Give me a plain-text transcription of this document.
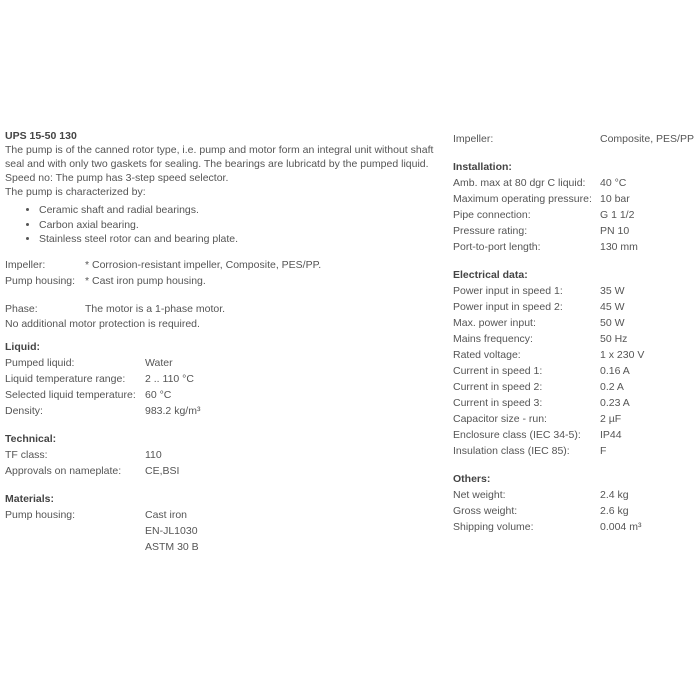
UPS 15-50 130

The pump is of the canned rotor type, i.e. pump and motor form an integral unit without shaft

seal and with only two gaskets for sealing. The bearings are lubricatd by the pumped liquid.

Speed no: The pump has 3-step speed selector.

The pump is characterized by:

• Ceramic shaft and radial bearings.
• Carbon axial bearing.
• Stainless steel rotor can and bearing plate.
Impeller:	* Corrosion-resistant impeller, Composite, PES/PP.
Pump housing: * Cast iron pump housing.
Phase:	The motor is a 1-phase motor.

No additional motor protection is required.

Liquid:
Pumped liquid:	Water
Liquid temperature range:	2 .. 110 °C
Selected liquid temperature: 60 °C
Density:	983.2 kg/m³
Technical:
TF class:	110
Approvals on nameplate:	CE,BSI
Materials:
Pump housing:	Cast iron
EN-JL1030
ASTM 30 B
Impeller:	Composite, PES/PP
Installation:
Amb. max at 80 dgr C liquid:	40 °C
Maximum operating pressure: 10 bar
Pipe connection:	G 1 1/2
Pressure rating:	PN 10
Port-to-port length:	130 mm
Electrical data:
Power input in speed 1:	35 W
Power input in speed 2:	45 W
Max. power input:	50 W
Mains frequency:	50 Hz
Rated voltage:	1 x 230 V
Current in speed 1:	0.16 A
Current in speed 2:	0.2 A
Current in speed 3:	0.23 A
Capacitor size - run:	2 µF
Enclosure class (IEC 34-5):	IP44
Insulation class (IEC 85):	F
Others:
Net weight:	2.4 kg
Gross weight:	2.6 kg
Shipping volume:	0.004 m³
